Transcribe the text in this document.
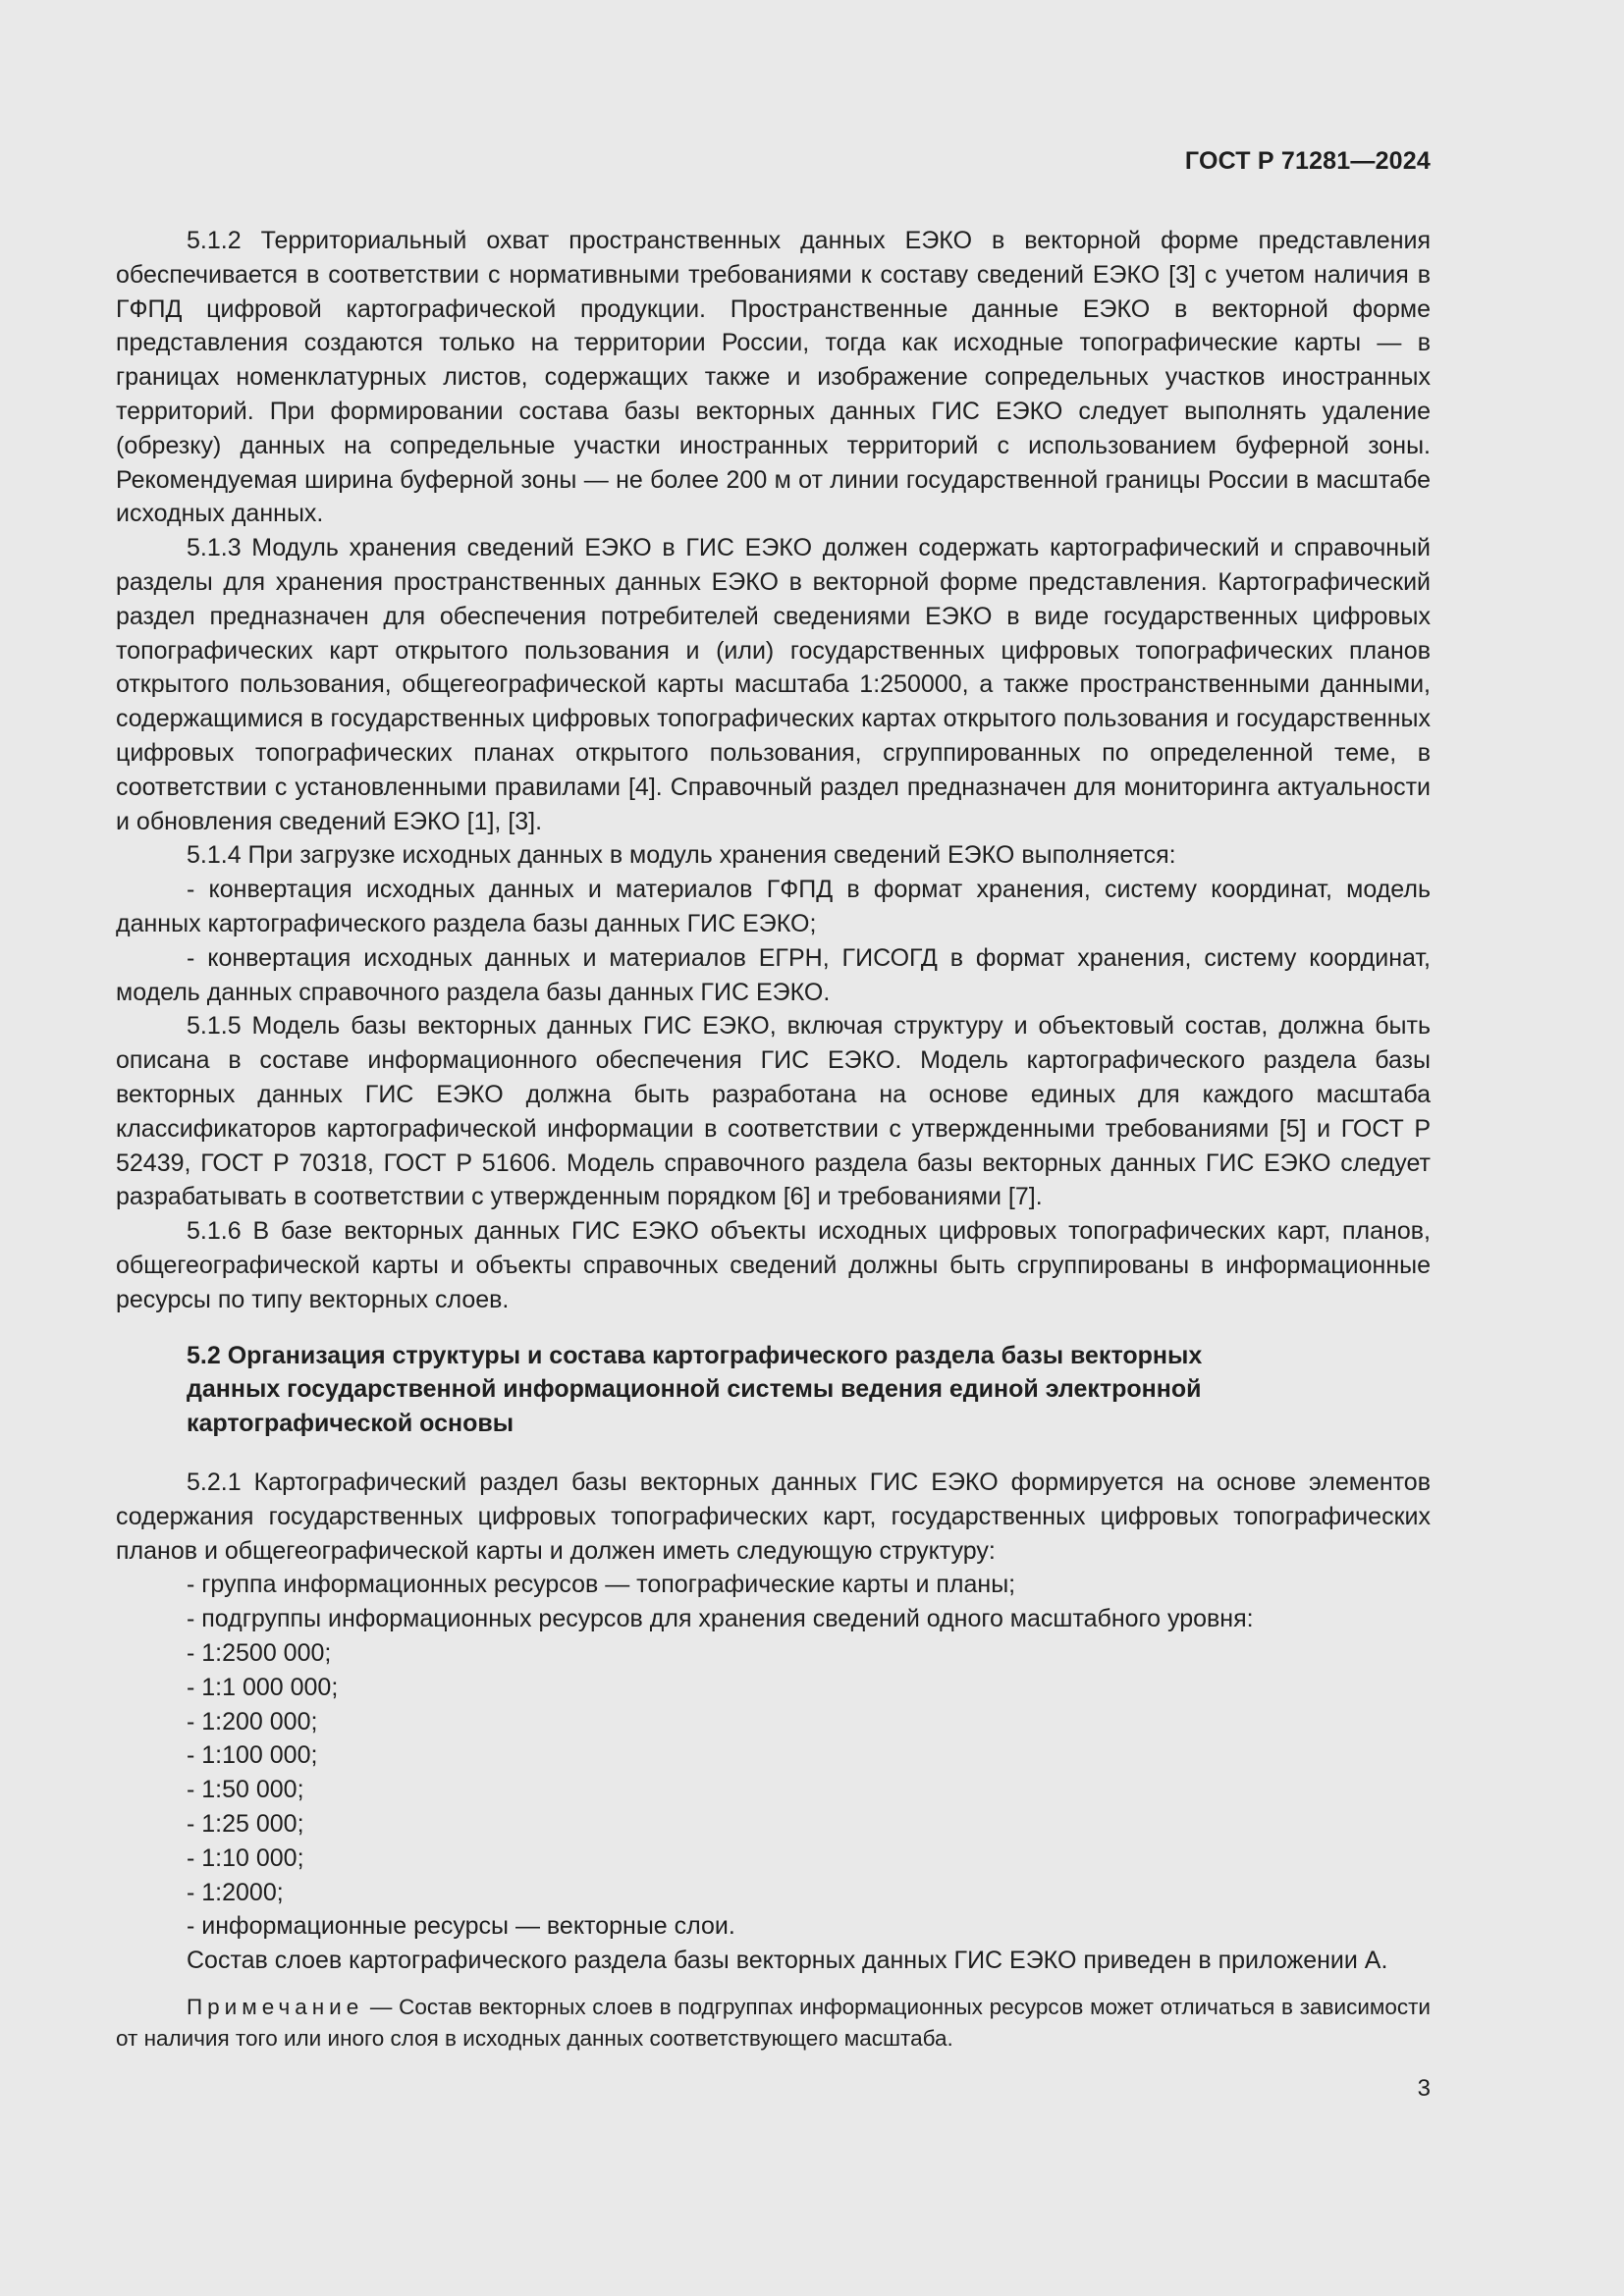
ГОСТ Р 71281—2024

5.1.2 Территориальный охват пространственных данных ЕЭКО в векторной форме представления обеспечивается в соответствии с нормативными требованиями к составу сведений ЕЭКО [3] с учетом наличия в ГФПД цифровой картографической продукции. Пространственные данные ЕЭКО в векторной форме представления создаются только на территории России, тогда как исходные топографические карты — в границах номенклатурных листов, содержащих также и изображение сопредельных участков иностранных территорий. При формировании состава базы векторных данных ГИС ЕЭКО следует выполнять удаление (обрезку) данных на сопредельные участки иностранных территорий с использованием буферной зоны. Рекомендуемая ширина буферной зоны — не более 200 м от линии государственной границы России в масштабе исходных данных.

5.1.3 Модуль хранения сведений ЕЭКО в ГИС ЕЭКО должен содержать картографический и справочный разделы для хранения пространственных данных ЕЭКО в векторной форме представления. Картографический раздел предназначен для обеспечения потребителей сведениями ЕЭКО в виде государственных цифровых топографических карт открытого пользования и (или) государственных цифровых топографических планов открытого пользования, общегеографической карты масштаба 1:250000, а также пространственными данными, содержащимися в государственных цифровых топографических картах открытого пользования и государственных цифровых топографических планах открытого пользования, сгруппированных по определенной теме, в соответствии с установленными правилами [4]. Справочный раздел предназначен для мониторинга актуальности и обновления сведений ЕЭКО [1], [3].

5.1.4 При загрузке исходных данных в модуль хранения сведений ЕЭКО выполняется:

- конвертация исходных данных и материалов ГФПД в формат хранения, систему координат, модель данных картографического раздела базы данных ГИС ЕЭКО;

- конвертация исходных данных и материалов ЕГРН, ГИСОГД в формат хранения, систему координат, модель данных справочного раздела базы данных ГИС ЕЭКО.

5.1.5 Модель базы векторных данных ГИС ЕЭКО, включая структуру и объектовый состав, должна быть описана в составе информационного обеспечения ГИС ЕЭКО. Модель картографического раздела базы векторных данных ГИС ЕЭКО должна быть разработана на основе единых для каждого масштаба классификаторов картографической информации в соответствии с утвержденными требованиями [5] и ГОСТ Р 52439, ГОСТ Р 70318, ГОСТ Р 51606. Модель справочного раздела базы векторных данных ГИС ЕЭКО следует разрабатывать в соответствии с утвержденным порядком [6] и требованиями [7].

5.1.6 В базе векторных данных ГИС ЕЭКО объекты исходных цифровых топографических карт, планов, общегеографической карты и объекты справочных сведений должны быть сгруппированы в информационные ресурсы по типу векторных слоев.

5.2 Организация структуры и состава картографического раздела базы векторных
данных государственной информационной системы ведения единой электронной
картографической основы

5.2.1 Картографический раздел базы векторных данных ГИС ЕЭКО формируется на основе элементов содержания государственных цифровых топографических карт, государственных цифровых топографических планов и общегеографической карты и должен иметь следующую структуру:

- группа информационных ресурсов — топографические карты и планы;

- подгруппы информационных ресурсов для хранения сведений одного масштабного уровня:

- 1:2500 000;

- 1:1 000 000;

- 1:200 000;

- 1:100 000;

- 1:50 000;

- 1:25 000;

- 1:10 000;

- 1:2000;

- информационные ресурсы — векторные слои.

Состав слоев картографического раздела базы векторных данных ГИС ЕЭКО приведен в приложении А.

Примечание — Состав векторных слоев в подгруппах информационных ресурсов может отличаться в зависимости от наличия того или иного слоя в исходных данных соответствующего масштаба.

3
